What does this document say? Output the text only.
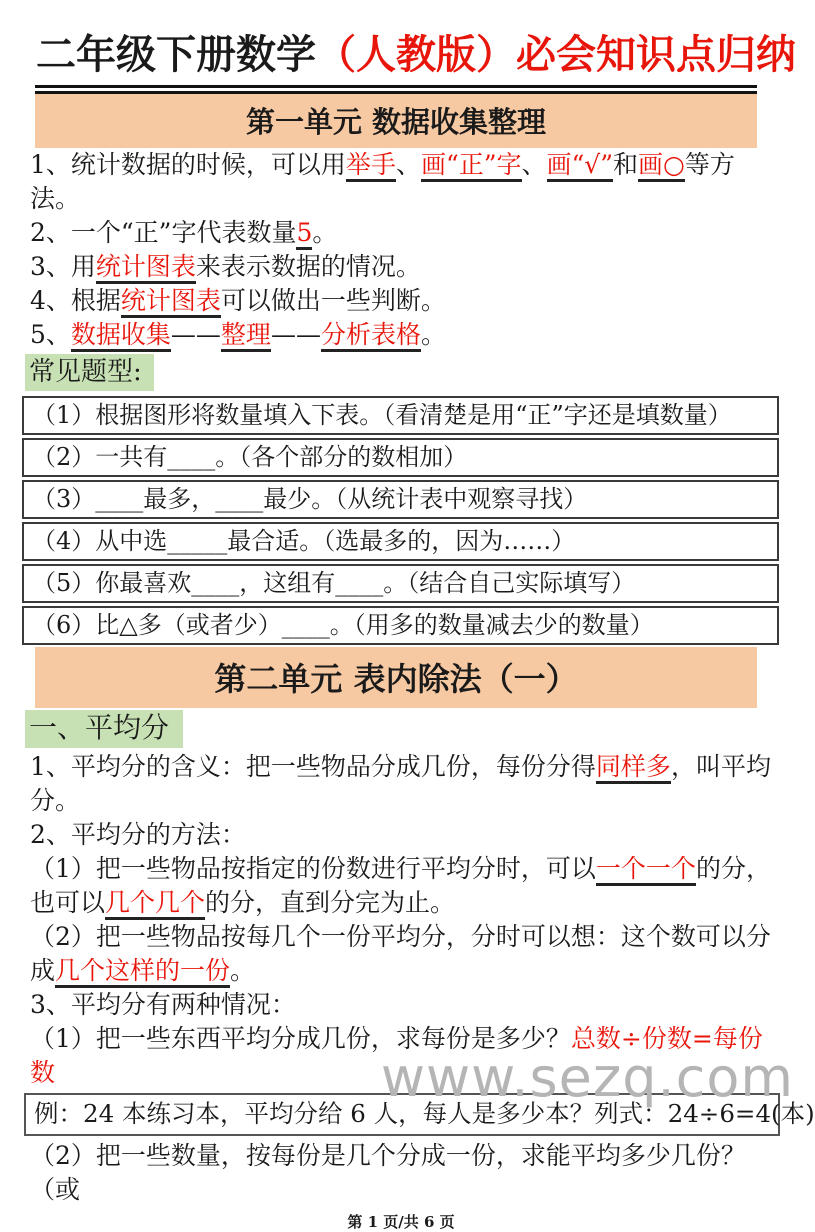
二年级下册数学（人教版）必会知识点归纳
第一单元 数据收集整理

1、统计数据的时候，可以用举手、画“正”字、画“√”和画○等方法。

2、一个“正”字代表数量5。

3、用统计图表来表示数据的情况。

4、根据统计图表可以做出一些判断。

5、数据收集——整理——分析表格。

常见题型:
（1）根据图形将数量填入下表。（看清楚是用“正”字还是填数量）
（2）一共有____。（各个部分的数相加）
（3）____最多，____最少。（从统计表中观察寻找）
（4）从中选_____最合适。（选最多的，因为……）
（5）你最喜欢____，这组有____。（结合自己实际填写）
（6）比△多（或者少）____。（用多的数量减去少的数量）
第二单元 表内除法（一）
一、平均分

1、平均分的含义：把一些物品分成几份，每份分得同样多，叫平均分。

2、平均分的方法：

（1）把一些物品按指定的份数进行平均分时，可以一个一个的分，也可以几个几个的分，直到分完为止。

（2）把一些物品按每几个一份平均分，分时可以想：这个数可以分成几个这样的一份。

3、平均分有两种情况：

（1）把一些东西平均分成几份，求每份是多少？总数÷份数=每份数

例：24 本练习本，平均分给 6 人，每人是多少本？列式：24÷6=4(本)

（2）把一些数量，按每份是几个分成一份，求能平均多少几份？（或

第 1 页/共 6 页
www.sezq.com
